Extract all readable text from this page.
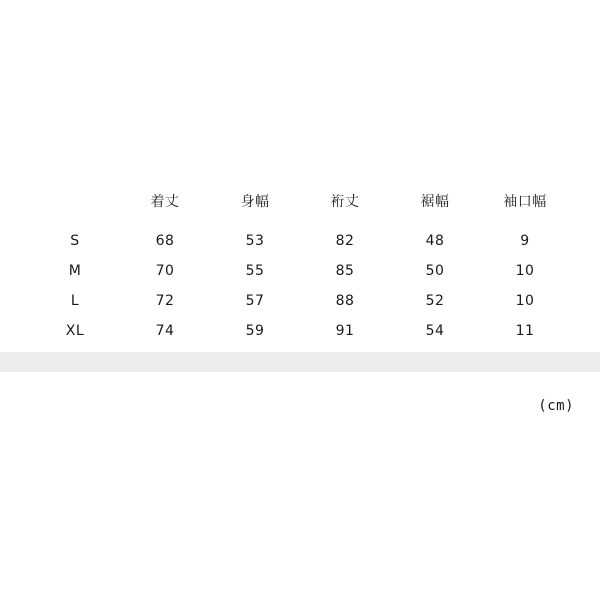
	着丈	身幅	裄丈	裾幅	袖口幅
S	68	53	82	48	9
M	70	55	85	50	10
L	72	57	88	52	10
XL	74	59	91	54	11
(cm)
